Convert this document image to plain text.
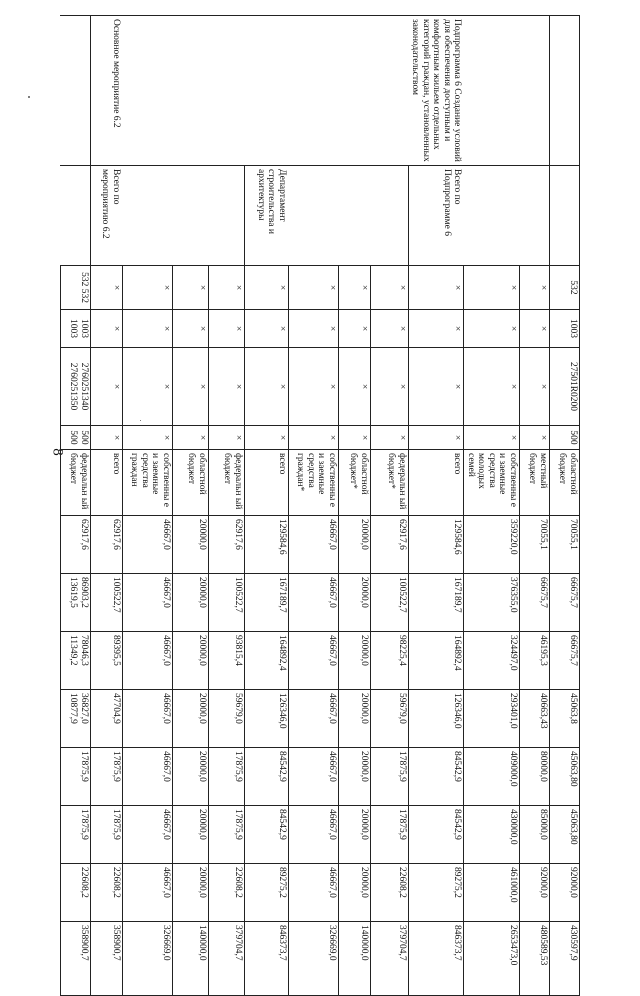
8
		532	1003	27501R0200	500	областной бюджет	70055,1	66675,7	66675,7	45063,8	45063,80	45063,80	92000,0	430597,9
		×	×	×	×	местный бюджет	70055,1	66675,7	46195,3	40663,43	80000,0	85000,0	92000,0	480589,53
		×	×	×	×	собственны е и заемные средства молодых семей	359220,0	376355,0	324497,0	293401,0	409000,0	430000,0	461000,0	2653473,0
Подпрограмма 6 Создание условий для обеспечения доступным и комфортным жильем отдельных категорий граждан, установленных законодательством	Всего по Подпрограмме 6	×	×	×	×	всего	129584,6	167189,7	164892,4	126346,0	84542,9	84542,9	89275,2	846373,7
		×	×	×	×	федеральн ый бюджет*	62917,6	100522,7	98225,4	59679,0	17875,9	17875,9	22608,2	379704,7
		×	×	×	×	областной бюджет*	20000,0	20000,0	20000,0	20000,0	20000,0	20000,0	20000,0	140000,0
		×	×	×	×	собственны е и заемные средства граждан*	46667,0	46667,0	46667,0	46667,0	46667,0	46667,0	46667,0	326669,0
	Департамент строительства и архитектуры	×	×	×	×	всего	129584,6	167189,7	164892,4	126346,0	84542,9	84542,9	89275,2	846373,7
		×	×	×	×	федеральн ый бюджет	62917,6	100522,7	93815,4	59679,0	17875,9	17875,9	22608,2	379704,7
		×	×	×	×	областной бюджет	20000,0	20000,0	20000,0	20000,0	20000,0	20000,0	20000,0	140000,0
		×	×	×	×	собственны е и заемные средства граждан	46667,0	46667,0	46667,0	46667,0	46667,0	46667,0	46667,0	326669,0
Основное мероприятие 6.2	Всего по мероприятию 6.2	×	×	×	×	всего	62917,6	100522,7	89395,5	47704,9	17875,9	17875,9	22608,2	358900,7
		532 532	1003 1003	2760251340 2760251350	500 500	федеральн ый бюджет	62917,6	86903,2 13619,5	78046,3 11349,2	36827,0 10877,9	17875,9	17875,9	22608,2	358900,7
